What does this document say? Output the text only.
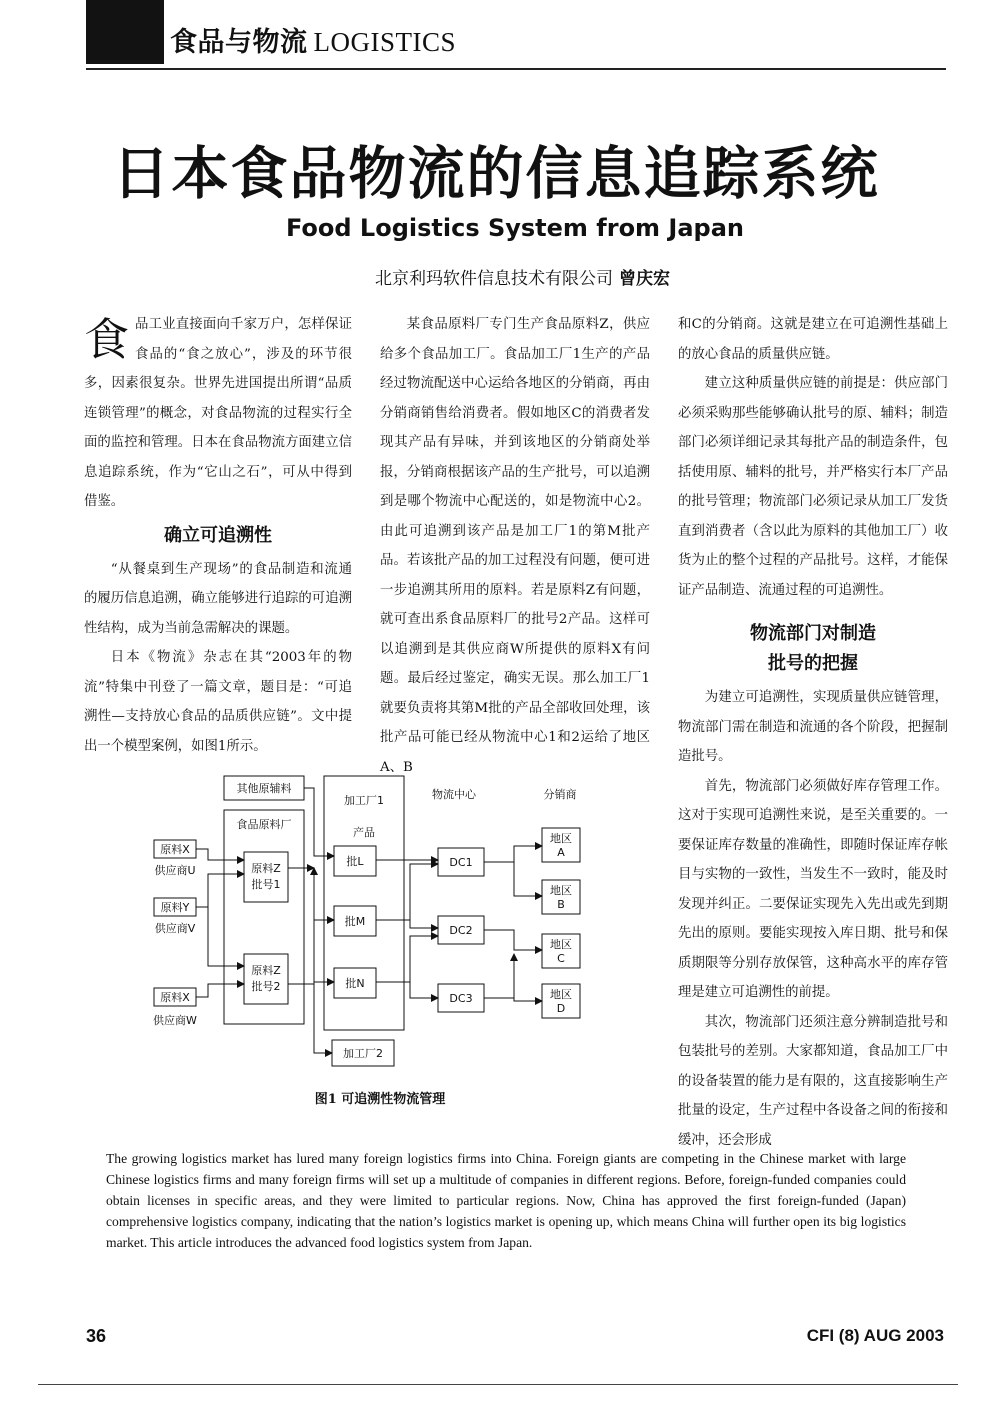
食品与物流 LOGISTICS
日本食品物流的信息追踪系统
Food Logistics System from Japan
北京利玛软件信息技术有限公司 曾庆宏

食品工业直接面向千家万户，怎样保证食品的“食之放心”，涉及的环节很多，因素很复杂。世界先进国提出所谓“品质连锁管理”的概念，对食品物流的过程实行全面的监控和管理。日本在食品物流方面建立信息追踪系统，作为“它山之石”，可从中得到借鉴。

确立可追溯性

“从餐桌到生产现场”的食品制造和流通的履历信息追溯，确立能够进行追踪的可追溯性结构，成为当前急需解决的课题。

日本《物流》杂志在其“2003年的物流”特集中刊登了一篇文章，题目是：“可追溯性—支持放心食品的品质供应链”。文中提出一个模型案例，如图1所示。

某食品原料厂专门生产食品原料Z，供应给多个食品加工厂。食品加工厂1生产的产品经过物流配送中心运给各地区的分销商，再由分销商销售给消费者。假如地区C的消费者发现其产品有异味，并到该地区的分销商处举报，分销商根据该产品的生产批号，可以追溯到是哪个物流中心配送的，如是物流中心2。由此可追溯到该产品是加工厂1的第M批产品。若该批产品的加工过程没有问题，便可进一步追溯其所用的原料。若是原料Z有问题，就可查出系食品原料厂的批号2产品。这样可以追溯到是其供应商W所提供的原料X有问题。最后经过鉴定，确实无误。那么加工厂1就要负责将其第M批的产品全部收回处理，该批产品可能已经从物流中心1和2运给了地区A、B

和C的分销商。这就是建立在可追溯性基础上的放心食品的质量供应链。

建立这种质量供应链的前提是：供应部门必须采购那些能够确认批号的原、辅料；制造部门必须详细记录其每批产品的制造条件，包括使用原、辅料的批号，并严格实行本厂产品的批号管理；物流部门必须记录从加工厂发货直到消费者（含以此为原料的其他加工厂）收货为止的整个过程的产品批号。这样，才能保证产品制造、流通过程的可追溯性。

物流部门对制造
批号的把握

为建立可追溯性，实现质量供应链管理，物流部门需在制造和流通的各个阶段，把握制造批号。

首先，物流部门必须做好库存管理工作。这对于实现可追溯性来说，是至关重要的。一要保证库存数量的准确性，即随时保证库存帐目与实物的一致性，当发生不一致时，能及时发现并纠正。二要保证实现先入先出或先到期先出的原则。要能实现按入库日期、批号和保质期限等分别存放保管，这种高水平的库存管理是建立可追溯性的前提。

其次，物流部门还须注意分辨制造批号和包装批号的差别。大家都知道，食品加工厂中的设备装置的能力是有限的，这直接影响生产批量的设定，生产过程中各设备之间的衔接和缓冲，还会形成

其他原辅料
食品原料厂
原料X
供应商U
原料Y
供应商V
原料X
供应商W
原料Z
批号1
原料Z
批号2
加工厂1
产品
批L
批M
批N
加工厂2
物流中心
DC1
DC2
DC3
分销商
地区
A
地区
B
地区
C
地区
D
图1 可追溯性物流管理
The growing logistics market has lured many foreign logistics firms into China. Foreign giants are competing in the Chinese market with large Chinese logistics firms and many foreign firms will set up a multitude of companies in different regions. Before, foreign-funded companies could obtain licenses in specific areas, and they were limited to particular regions. Now, China has approved the first foreign-funded (Japan) comprehensive logistics company, indicating that the nation’s logistics market is opening up, which means China will further open its big logistics market. This article introduces the advanced food logistics system from Japan.
36	CFI (8) AUG 2003
